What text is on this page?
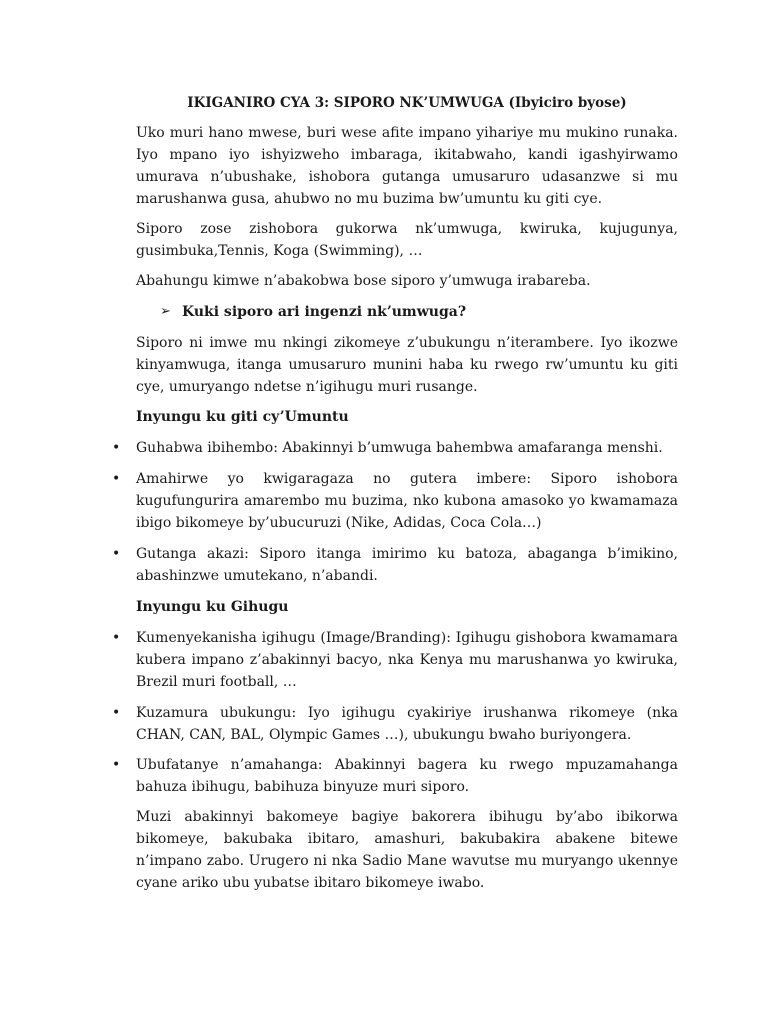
IKIGANIRO CYA 3: SIPORO NK’UMWUGA (Ibyiciro byose)
Uko muri hano mwese, buri wese afite impano yihariye mu mukino runaka. Iyo mpano iyo ishyizweho imbaraga, ikitabwaho, kandi igashyirwamo umurava n’ubushake, ishobora gutanga umusaruro udasanzwe si mu marushanwa gusa, ahubwo no mu buzima bw’umuntu ku giti cye.
Siporo zose zishobora gukorwa nk’umwuga, kwiruka, kujugunya, gusimbuka,Tennis, Koga (Swimming), …
Abahungu kimwe n’abakobwa bose siporo y’umwuga irabareba.
➢ Kuki siporo ari ingenzi nk’umwuga?
Siporo ni imwe mu nkingi zikomeye z’ubukungu n’iterambere. Iyo ikozwe kinyamwuga, itanga umusaruro munini haba ku rwego rw’umuntu ku giti cye, umuryango ndetse n’igihugu muri rusange.
Inyungu ku giti cy’Umuntu
• Guhabwa ibihembo: Abakinnyi b’umwuga bahembwa amafaranga menshi.
• Amahirwe yo kwigaragaza no gutera imbere: Siporo ishobora kugufungurira amarembo mu buzima, nko kubona amasoko yo kwamamaza ibigo bikomeye by’ubucuruzi (Nike, Adidas, Coca Cola…)
• Gutanga akazi: Siporo itanga imirimo ku batoza, abaganga b’imikino, abashinzwe umutekano, n’abandi.
Inyungu ku Gihugu
• Kumenyekanisha igihugu (Image/Branding): Igihugu gishobora kwamamara kubera impano z’abakinnyi bacyo, nka Kenya mu marushanwa yo kwiruka, Brezil muri football, …
• Kuzamura ubukungu: Iyo igihugu cyakiriye irushanwa rikomeye (nka CHAN, CAN, BAL, Olympic Games …), ubukungu bwaho buriyongera.
• Ubufatanye n’amahanga: Abakinnyi bagera ku rwego mpuzamahanga bahuza ibihugu, babihuza binyuze muri siporo.
Muzi abakinnyi bakomeye bagiye bakorera ibihugu by’abo ibikorwa bikomeye, bakubaka ibitaro, amashuri, bakubakira abakene bitewe n’impano zabo. Urugero ni nka Sadio Mane wavutse mu muryango ukennye cyane ariko ubu yubatse ibitaro bikomeye iwabo.
